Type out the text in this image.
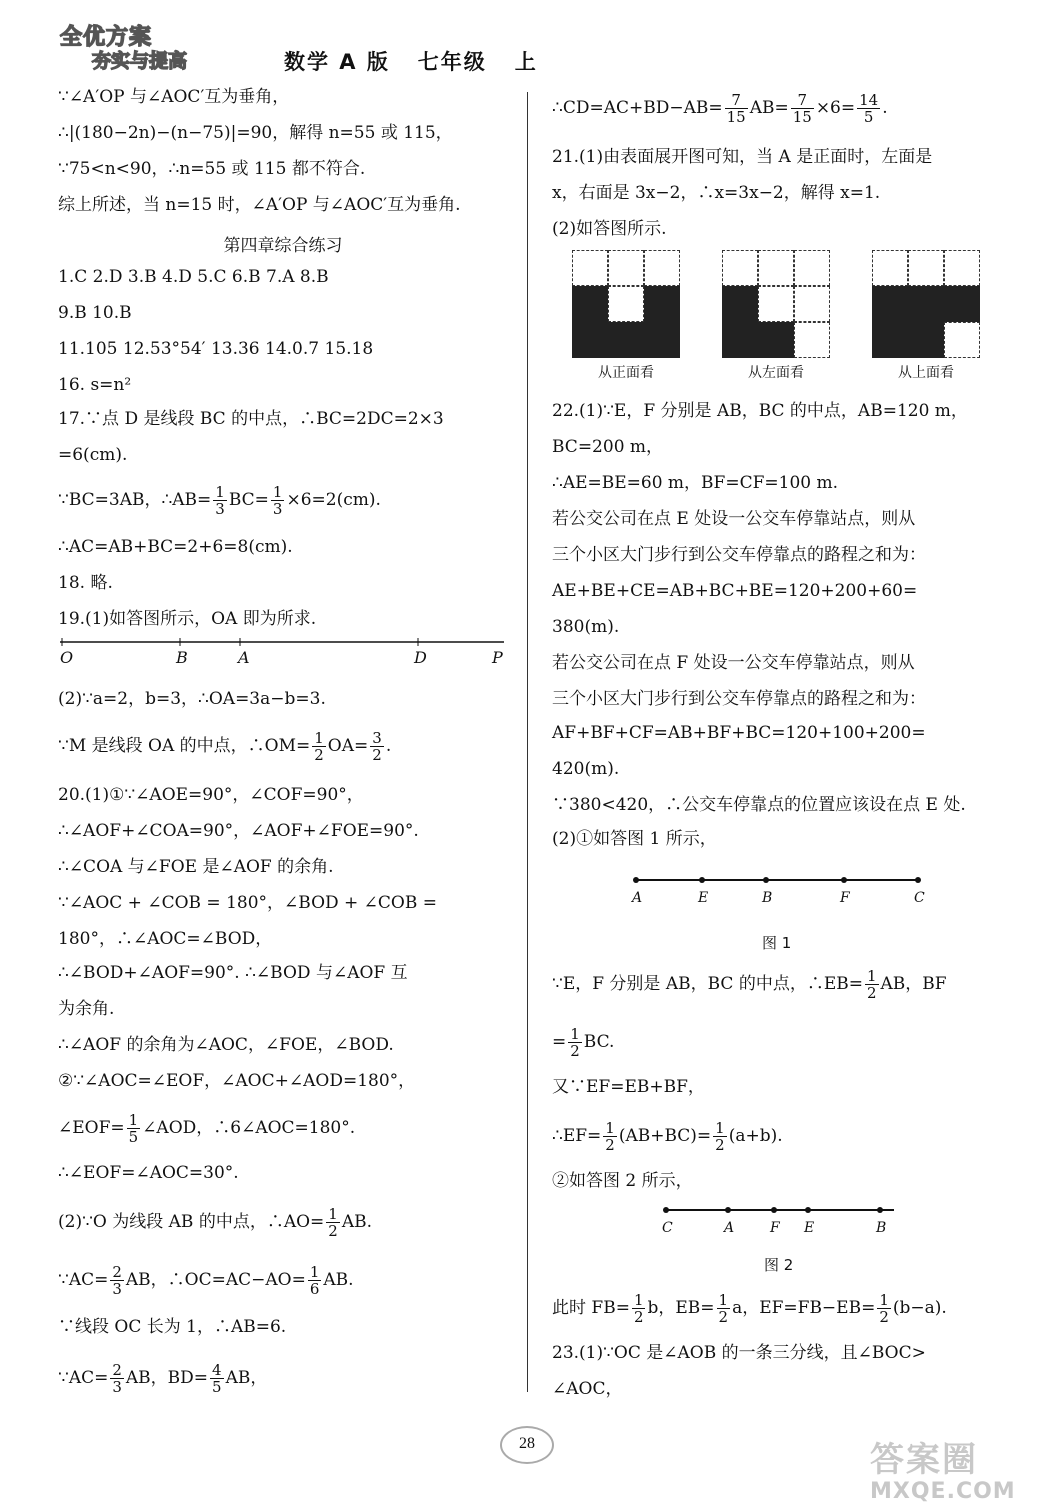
全优方案
夯实与提高	数学 A 版   七年级   上
∵∠A′OP 与∠AOC′互为垂角，
∴|(180−2n)−(n−75)|=90，解得 n=55 或 115，
∵75<n<90，∴n=55 或 115 都不符合.
综上所述，当 n=15 时，∠A′OP 与∠AOC′互为垂角.
第四章综合练习
1.C 2.D 3.B 4.D 5.C 6.B 7.A 8.B
9.B 10.B
11.105 12.53°54′ 13.36 14.0.7 15.18
16. s=n²
17.∵点 D 是线段 BC 的中点，∴BC=2DC=2×3
=6(cm).
∵BC=3AB，∴AB= $\frac{1}{3} BC= \frac{1}{3} \times 6=2(cm)$.
∴AC=AB+BC=2+6=8(cm).
18. 略.
19.(1)如答图所示，OA 即为所求.
O	B	A	D	P
(2)∵a=2，b=3，∴OA=3a−b=3.
∵M 是线段 OA 的中点，∴OM= $\frac{1}{2} OA= \frac{3}{2}$ .
20.(1)①∵∠AOE=90°，∠COF=90°，
∴∠AOF+∠COA=90°，∠AOF+∠FOE=90°.
∴∠COA 与∠FOE 是∠AOF 的余角.
∵∠AOC + ∠COB = 180°，∠BOD + ∠COB =
180°，∴∠AOC=∠BOD，
∴∠BOD+∠AOF=90°. ∴∠BOD 与∠AOF 互
为余角.
∴∠AOF 的余角为∠AOC，∠FOE，∠BOD.
②∵∠AOC=∠EOF，∠AOC+∠AOD=180°，
∠EOF= $\frac{1}{5}$ ∠AOD，∴6∠AOC=180°.
∴∠EOF=∠AOC=30°.
(2)∵O 为线段 AB 的中点，∴AO= $\frac{1}{2}$ AB.
∵AC= $\frac{2}{3}$ AB，∴OC=AC−AO= $\frac{1}{6}$ AB.
∵线段 OC 长为 1，∴AB=6.
∵AC= $\frac{2}{3}$ AB，$BD= \frac{4}{5}$ AB，
∴CD=AC+BD−AB= $\frac{7}{15} AB= \frac{7}{15} \times 6= \frac{14}{5}$ .
21.(1)由表面展开图可知，当 A 是正面时，左面是
x，右面是 3x−2，∴x=3x−2，解得 x=1.
(2)如答图所示.
从正面看	从左面看	从上面看
22.(1)∵E，F 分别是 AB，BC 的中点，AB=120 m，
BC=200 m，
∴AE=BE=60 m，BF=CF=100 m.
若公交公司在点 E 处设一公交车停靠站点，则从
三个小区大门步行到公交车停靠点的路程之和为：
AE+BE+CE=AB+BC+BE=120+200+60=
380(m).
若公交公司在点 F 处设一公交车停靠站点，则从
三个小区大门步行到公交车停靠点的路程之和为：
AF+BF+CF=AB+BF+BC=120+100+200=
420(m).
∵380<420，∴公交车停靠点的位置应该设在点 E 处.
(2)①如答图 1 所示，
A	E	B	F	C
图 1
∵E，F 分别是 AB，BC 的中点，∴EB= $\frac{1}{2}$ AB，BF
= $\frac{1}{2}$ BC.
又∵EF=EB+BF，
∴EF= $\frac{1}{2} (AB+BC)= \frac{1}{2} (a+b)$.
②如答图 2 所示，
C	A	F E	B
图 2
此时 $FB= \frac{1}{2}$ b，$EB= \frac{1}{2}$ a，$EF=FB-EB= \frac{1}{2} (b-a)$.
23.(1)∵OC 是∠AOB 的一条三分线，且∠BOC>
∠AOC，
28	答案圈
MXQE.COM
